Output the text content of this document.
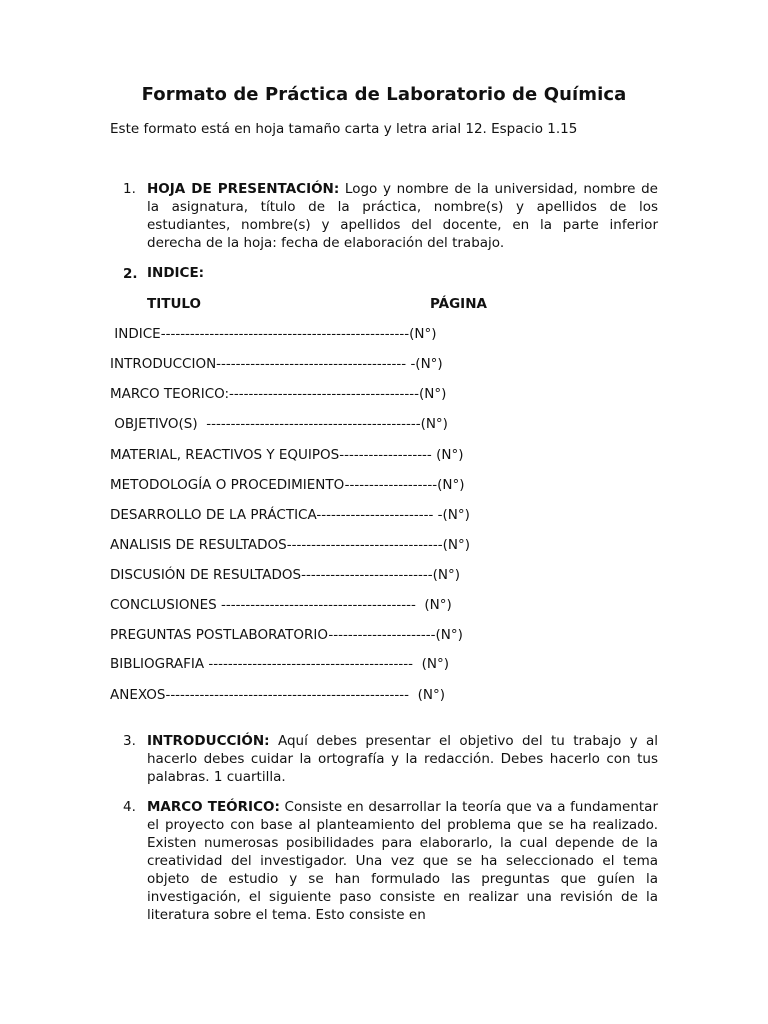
Formato de Práctica de Laboratorio de Química
Este formato está en hoja tamaño carta y letra arial 12. Espacio 1.15
1. HOJA DE PRESENTACIÓN: Logo y nombre de la universidad, nombre de la asignatura, título de la práctica, nombre(s) y apellidos de los estudiantes, nombre(s) y apellidos del docente, en la parte inferior derecha de la hoja: fecha de elaboración del trabajo.
2. INDICE:
TITULO	PÁGINA
INDICE---------------------------------------------------(N°)
INTRODUCCION--------------------------------------- -(N°)
MARCO TEORICO:---------------------------------------(N°)
OBJETIVO(S)  --------------------------------------------(N°)
MATERIAL, REACTIVOS Y EQUIPOS------------------- (N°)
METODOLOGÍA O PROCEDIMIENTO-------------------(N°)
DESARROLLO DE LA PRÁCTICA------------------------ -(N°)
ANALISIS DE RESULTADOS--------------------------------(N°)
DISCUSIÓN DE RESULTADOS---------------------------(N°)
CONCLUSIONES ----------------------------------------  (N°)
PREGUNTAS POSTLABORATORIO----------------------(N°)
BIBLIOGRAFIA ------------------------------------------  (N°)
ANEXOS--------------------------------------------------  (N°)
3. INTRODUCCIÓN: Aquí debes presentar el objetivo del tu trabajo y al hacerlo debes cuidar la ortografía y la redacción. Debes hacerlo con tus palabras. 1 cuartilla.
4. MARCO TEÓRICO: Consiste en desarrollar la teoría que va a fundamentar el proyecto con base al planteamiento del problema que se ha realizado. Existen numerosas posibilidades para elaborarlo, la cual depende de la creatividad del investigador. Una vez que se ha seleccionado el tema objeto de estudio y se han formulado las preguntas que guíen la investigación, el siguiente paso consiste en realizar una revisión de la literatura sobre el tema. Esto consiste en
